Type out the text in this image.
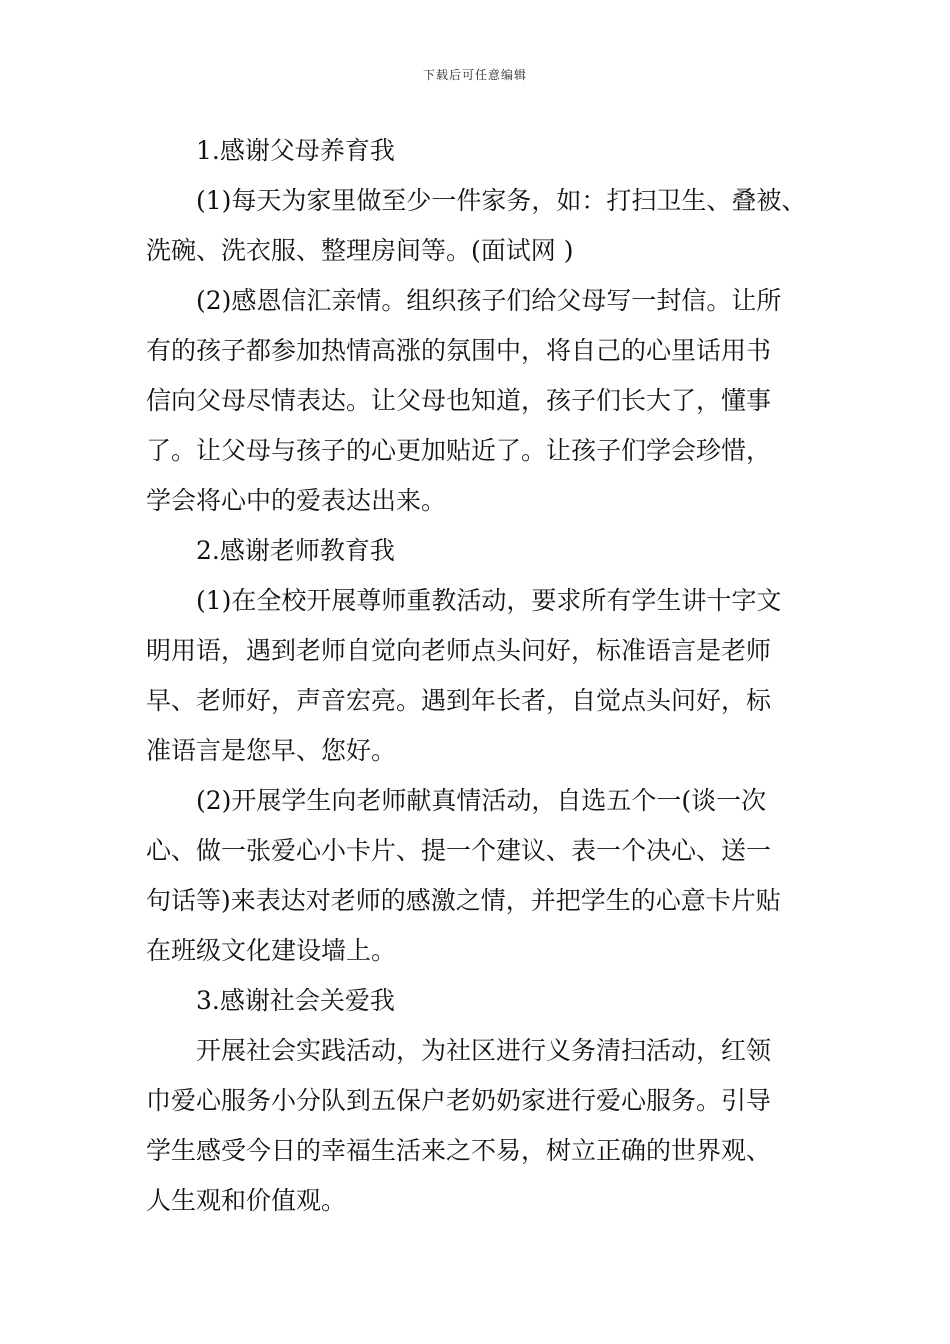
下载后可任意编辑
1.感谢父母养育我
(1)每天为家里做至少一件家务，如：打扫卫生、叠被、
洗碗、洗衣服、整理房间等。(面试网 )
(2)感恩信汇亲情。组织孩子们给父母写一封信。让所
有的孩子都参加热情高涨的氛围中，将自己的心里话用书
信向父母尽情表达。让父母也知道，孩子们长大了，懂事
了。让父母与孩子的心更加贴近了。让孩子们学会珍惜，
学会将心中的爱表达出来。
2.感谢老师教育我
(1)在全校开展尊师重教活动，要求所有学生讲十字文
明用语，遇到老师自觉向老师点头问好，标准语言是老师
早、老师好，声音宏亮。遇到年长者，自觉点头问好，标
准语言是您早、您好。
(2)开展学生向老师献真情活动，自选五个一(谈一次
心、做一张爱心小卡片、提一个建议、表一个决心、送一
句话等)来表达对老师的感激之情，并把学生的心意卡片贴
在班级文化建设墙上。
3.感谢社会关爱我
开展社会实践活动，为社区进行义务清扫活动，红领
巾爱心服务小分队到五保户老奶奶家进行爱心服务。引导
学生感受今日的幸福生活来之不易，树立正确的世界观、
人生观和价值观。
